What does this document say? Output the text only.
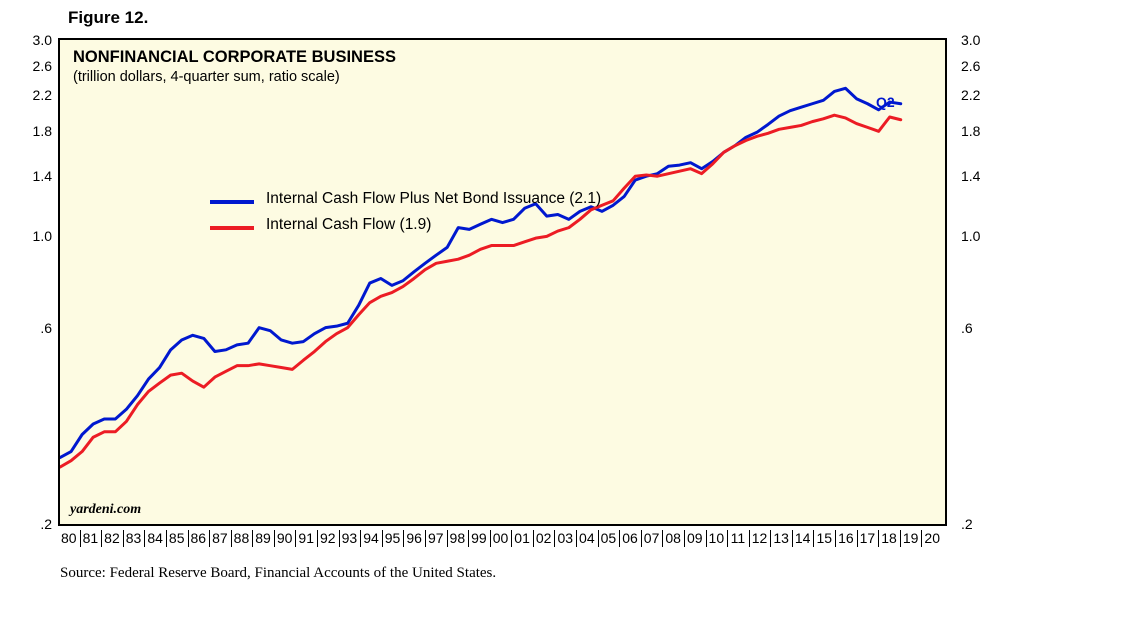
Figure 12.
NONFINANCIAL CORPORATE BUSINESS
(trillion dollars, 4-quarter sum, ratio scale)
Internal Cash Flow Plus Net Bond Issuance (2.1)
Internal Cash Flow (1.9)
yardeni.com
Q2
3.0
2.6
2.2
1.8
1.4
1.0
.6
.2
3.0
2.6
2.2
1.8
1.4
1.0
.6
.2
80 81 82 83 84 85 86 87 88 89 90 91 92 93 94 95 96 97 98 99 00 01 02 03 04 05 06 07 08 09 10 11 12 13 14 15 16 17 18 19 20
Source: Federal Reserve Board, Financial Accounts of the United States.
